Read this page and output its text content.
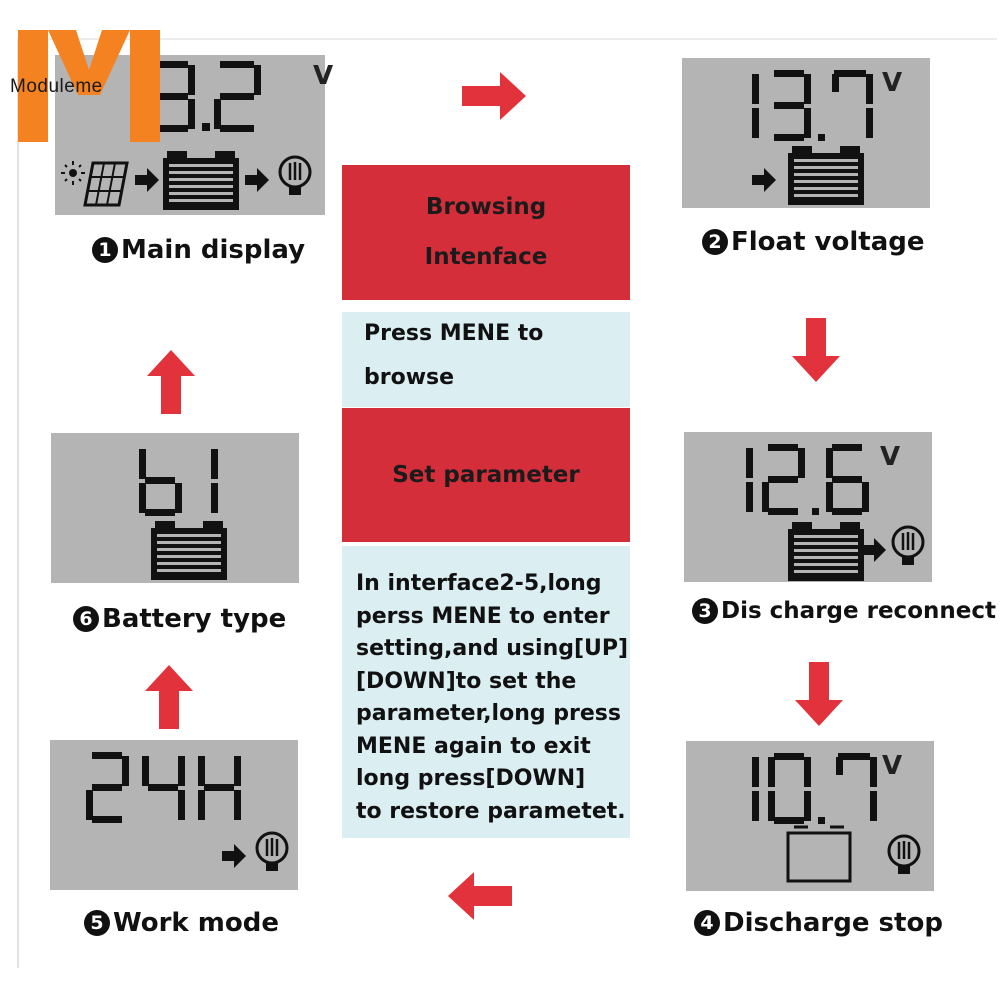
V
Moduleme
1 Main display
V
2 Float voltage
V
3 Dis charge reconnect
V
4 Discharge stop
5 Work mode
6 Battery type
Browsing
Intenface
Press MENE to browse
Set parameter
In interface2-5,long
perss MENE to enter
setting,and using[UP]
[DOWN]to set the
parameter,long press
MENE again to exit
long press[DOWN]
to restore parametet.
